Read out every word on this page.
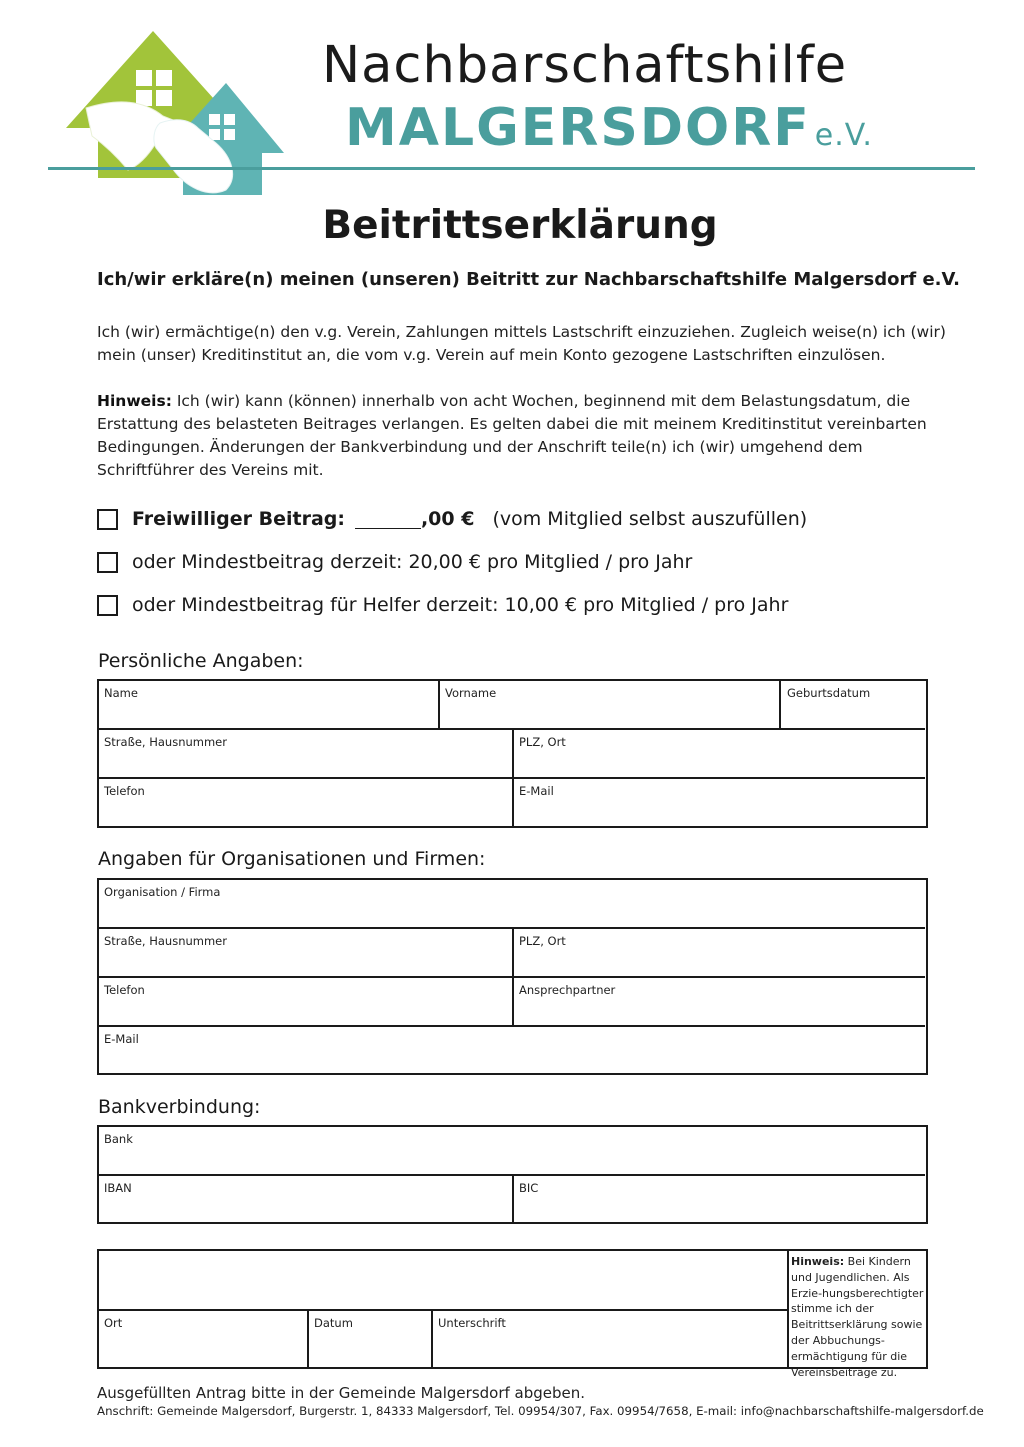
Nachbarschaftshilfe
MALGERSDORF e.V.
Beitrittserklärung
Ich/wir erkläre(n) meinen (unseren) Beitritt zur Nachbarschaftshilfe Malgersdorf e.V.
Ich (wir) ermächtige(n) den v.g. Verein, Zahlungen mittels Lastschrift einzuziehen. Zugleich weise(n) ich (wir) mein (unser) Kreditinstitut an, die vom v.g. Verein auf mein Konto gezogene Lastschriften einzulösen.
Hinweis: Ich (wir) kann (können) innerhalb von acht Wochen, beginnend mit dem Belastungsdatum, die Erstattung des belasteten Beitrages verlangen. Es gelten dabei die mit meinem Kreditinstitut vereinbarten Bedingungen. Änderungen der Bankverbindung und der Anschrift teile(n) ich (wir) umgehend dem Schriftführer des Vereins mit.
Freiwilliger Beitrag:	,00 € (vom Mitglied selbst auszufüllen)
oder Mindestbeitrag derzeit: 20,00 € pro Mitglied / pro Jahr
oder Mindestbeitrag für Helfer derzeit: 10,00 € pro Mitglied / pro Jahr
Persönliche Angaben:
Name	Vorname	Geburtsdatum
Straße, Hausnummer	PLZ, Ort
Telefon	E-Mail
Angaben für Organisationen und Firmen:
Organisation / Firma
Straße, Hausnummer	PLZ, Ort
Telefon	Ansprechpartner
E-Mail
Bankverbindung:
Bank
IBAN	BIC
Ort	Datum	Unterschrift
Hinweis: Bei Kindern und Jugendlichen. Als Erzie-hungsberechtigter stimme ich der Beitrittserklärung sowie der Abbuchungs-ermächtigung für die Vereinsbeiträge zu.
Ausgefüllten Antrag bitte in der Gemeinde Malgersdorf abgeben.
Anschrift: Gemeinde Malgersdorf, Burgerstr. 1, 84333 Malgersdorf, Tel. 09954/307, Fax. 09954/7658, E-mail: info@nachbarschaftshilfe-malgersdorf.de
